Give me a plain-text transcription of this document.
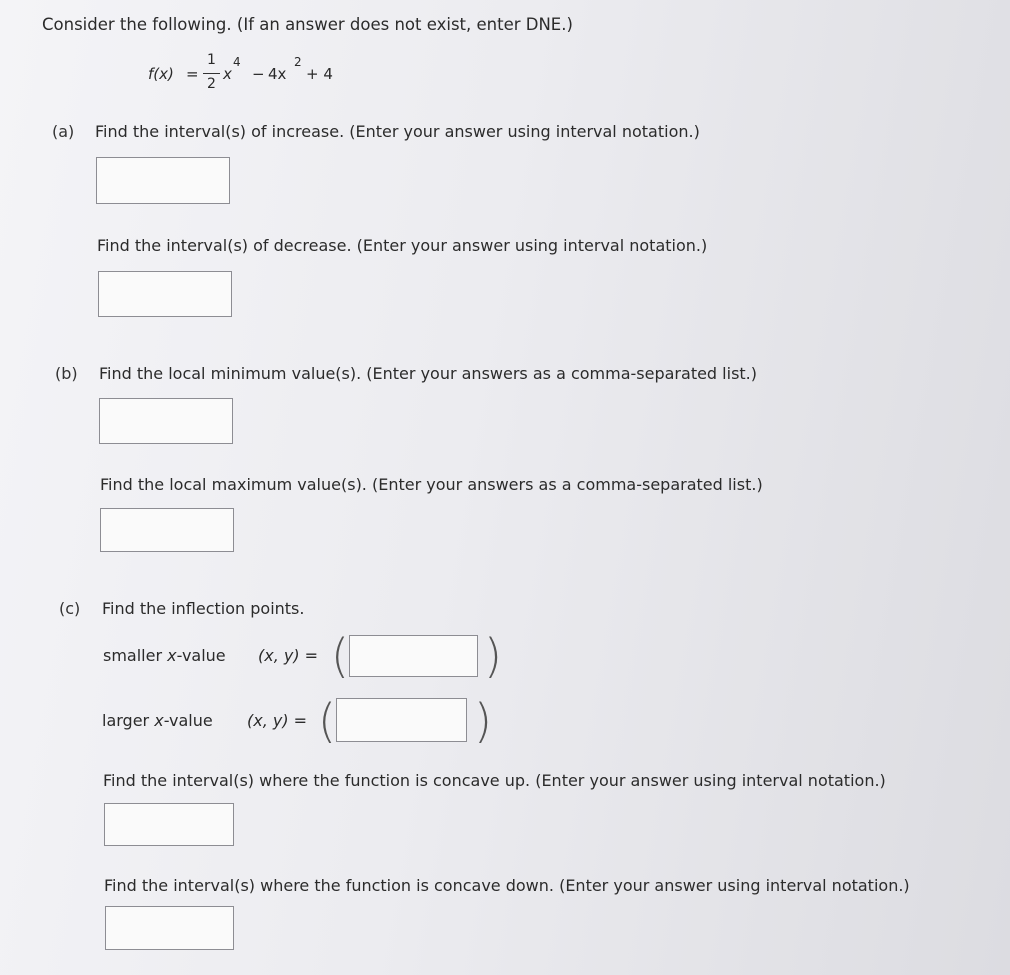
Consider the following. (If an answer does not exist, enter DNE.)
f(x) =
1
2
x
4
− 4x
2
+ 4
(a) Find the interval(s) of increase. (Enter your answer using interval notation.)
Find the interval(s) of decrease. (Enter your answer using interval notation.)
(b) Find the local minimum value(s). (Enter your answers as a comma-separated list.)
Find the local maximum value(s). (Enter your answers as a comma-separated list.)
(c) Find the inflection points.
smaller x-value (x, y) = (	)
larger x-value (x, y) = (	)
Find the interval(s) where the function is concave up. (Enter your answer using interval notation.)
Find the interval(s) where the function is concave down. (Enter your answer using interval notation.)
